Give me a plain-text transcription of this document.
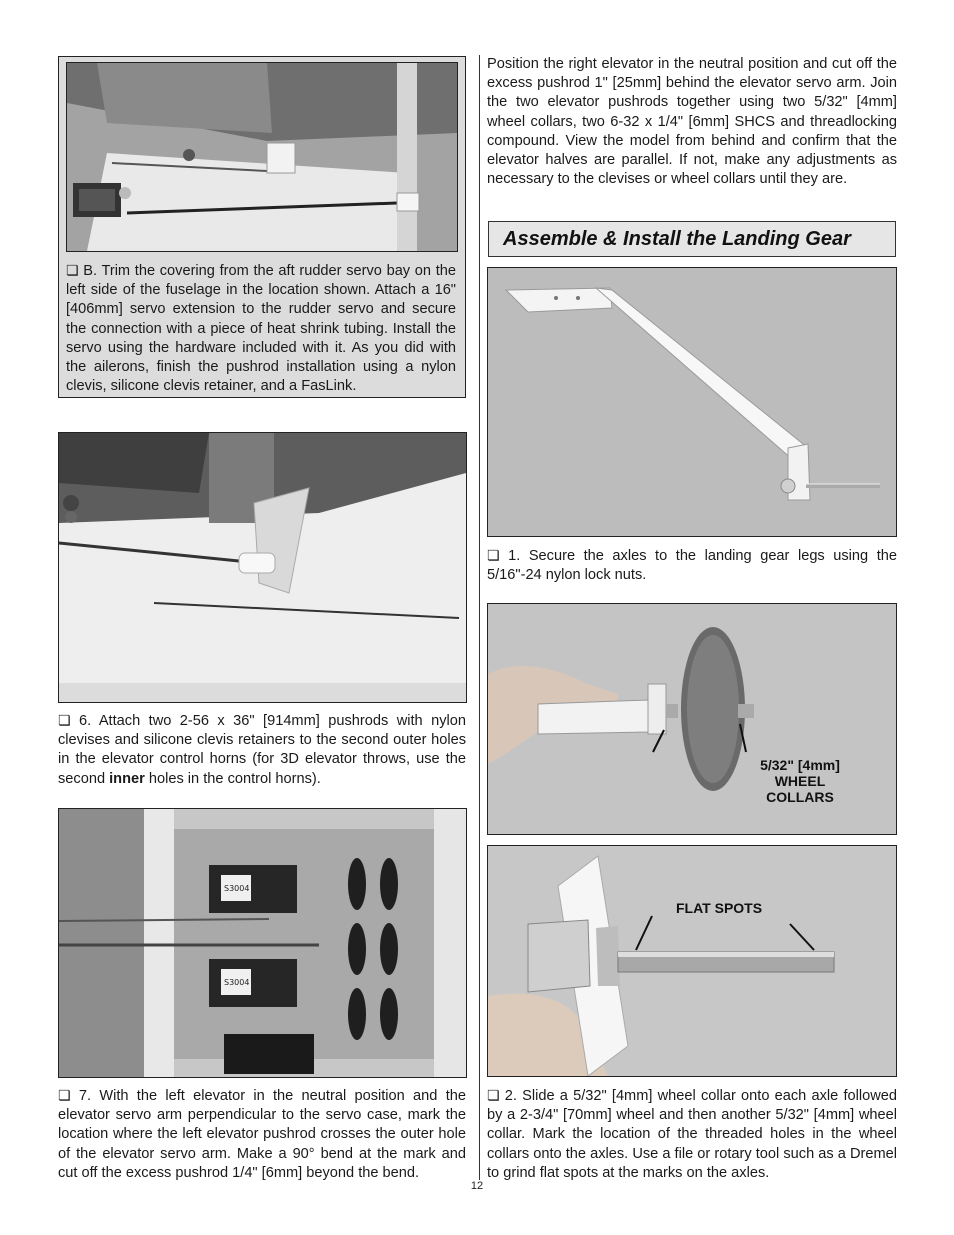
❏ B. Trim the covering from the aft rudder servo bay on the left side of the fuselage in the location shown. Attach a 16" [406mm] servo extension to the rudder servo and secure the connection with a piece of heat shrink tubing. Install the servo using the hardware included with it. As you did with the ailerons, finish the pushrod installation using a nylon clevis, silicone clevis retainer, and a FasLink.
❏ 6. Attach two 2-56 x 36" [914mm] pushrods with nylon clevises and silicone clevis retainers to the second outer holes in the elevator control horns (for 3D elevator throws, use the second inner holes in the control horns).
S3004
S3004
❏ 7. With the left elevator in the neutral position and the elevator servo arm perpendicular to the servo case, mark the location where the left elevator pushrod crosses the outer hole of the elevator servo arm. Make a 90° bend at the mark and cut off the excess pushrod 1/4" [6mm] beyond the bend.
Position the right elevator in the neutral position and cut off the excess pushrod 1" [25mm] behind the elevator servo arm. Join the two elevator pushrods together using two 5/32" [4mm] wheel collars, two 6-32 x 1/4" [6mm] SHCS and threadlocking compound. View the model from behind and confirm that the elevator halves are parallel. If not, make any adjustments as necessary to the clevises or wheel collars until they are.
Assemble & Install the Landing Gear
❏ 1. Secure the axles to the landing gear legs using the 5/16"-24 nylon lock nuts.
5/32" [4mm] WHEEL COLLARS
FLAT SPOTS
❏ 2. Slide a 5/32" [4mm] wheel collar onto each axle followed by a 2-3/4" [70mm] wheel and then another 5/32" [4mm] wheel collar. Mark the location of the threaded holes in the wheel collars onto the axles. Use a file or rotary tool such as a Dremel to grind flat spots at the marks on the axles.
12
